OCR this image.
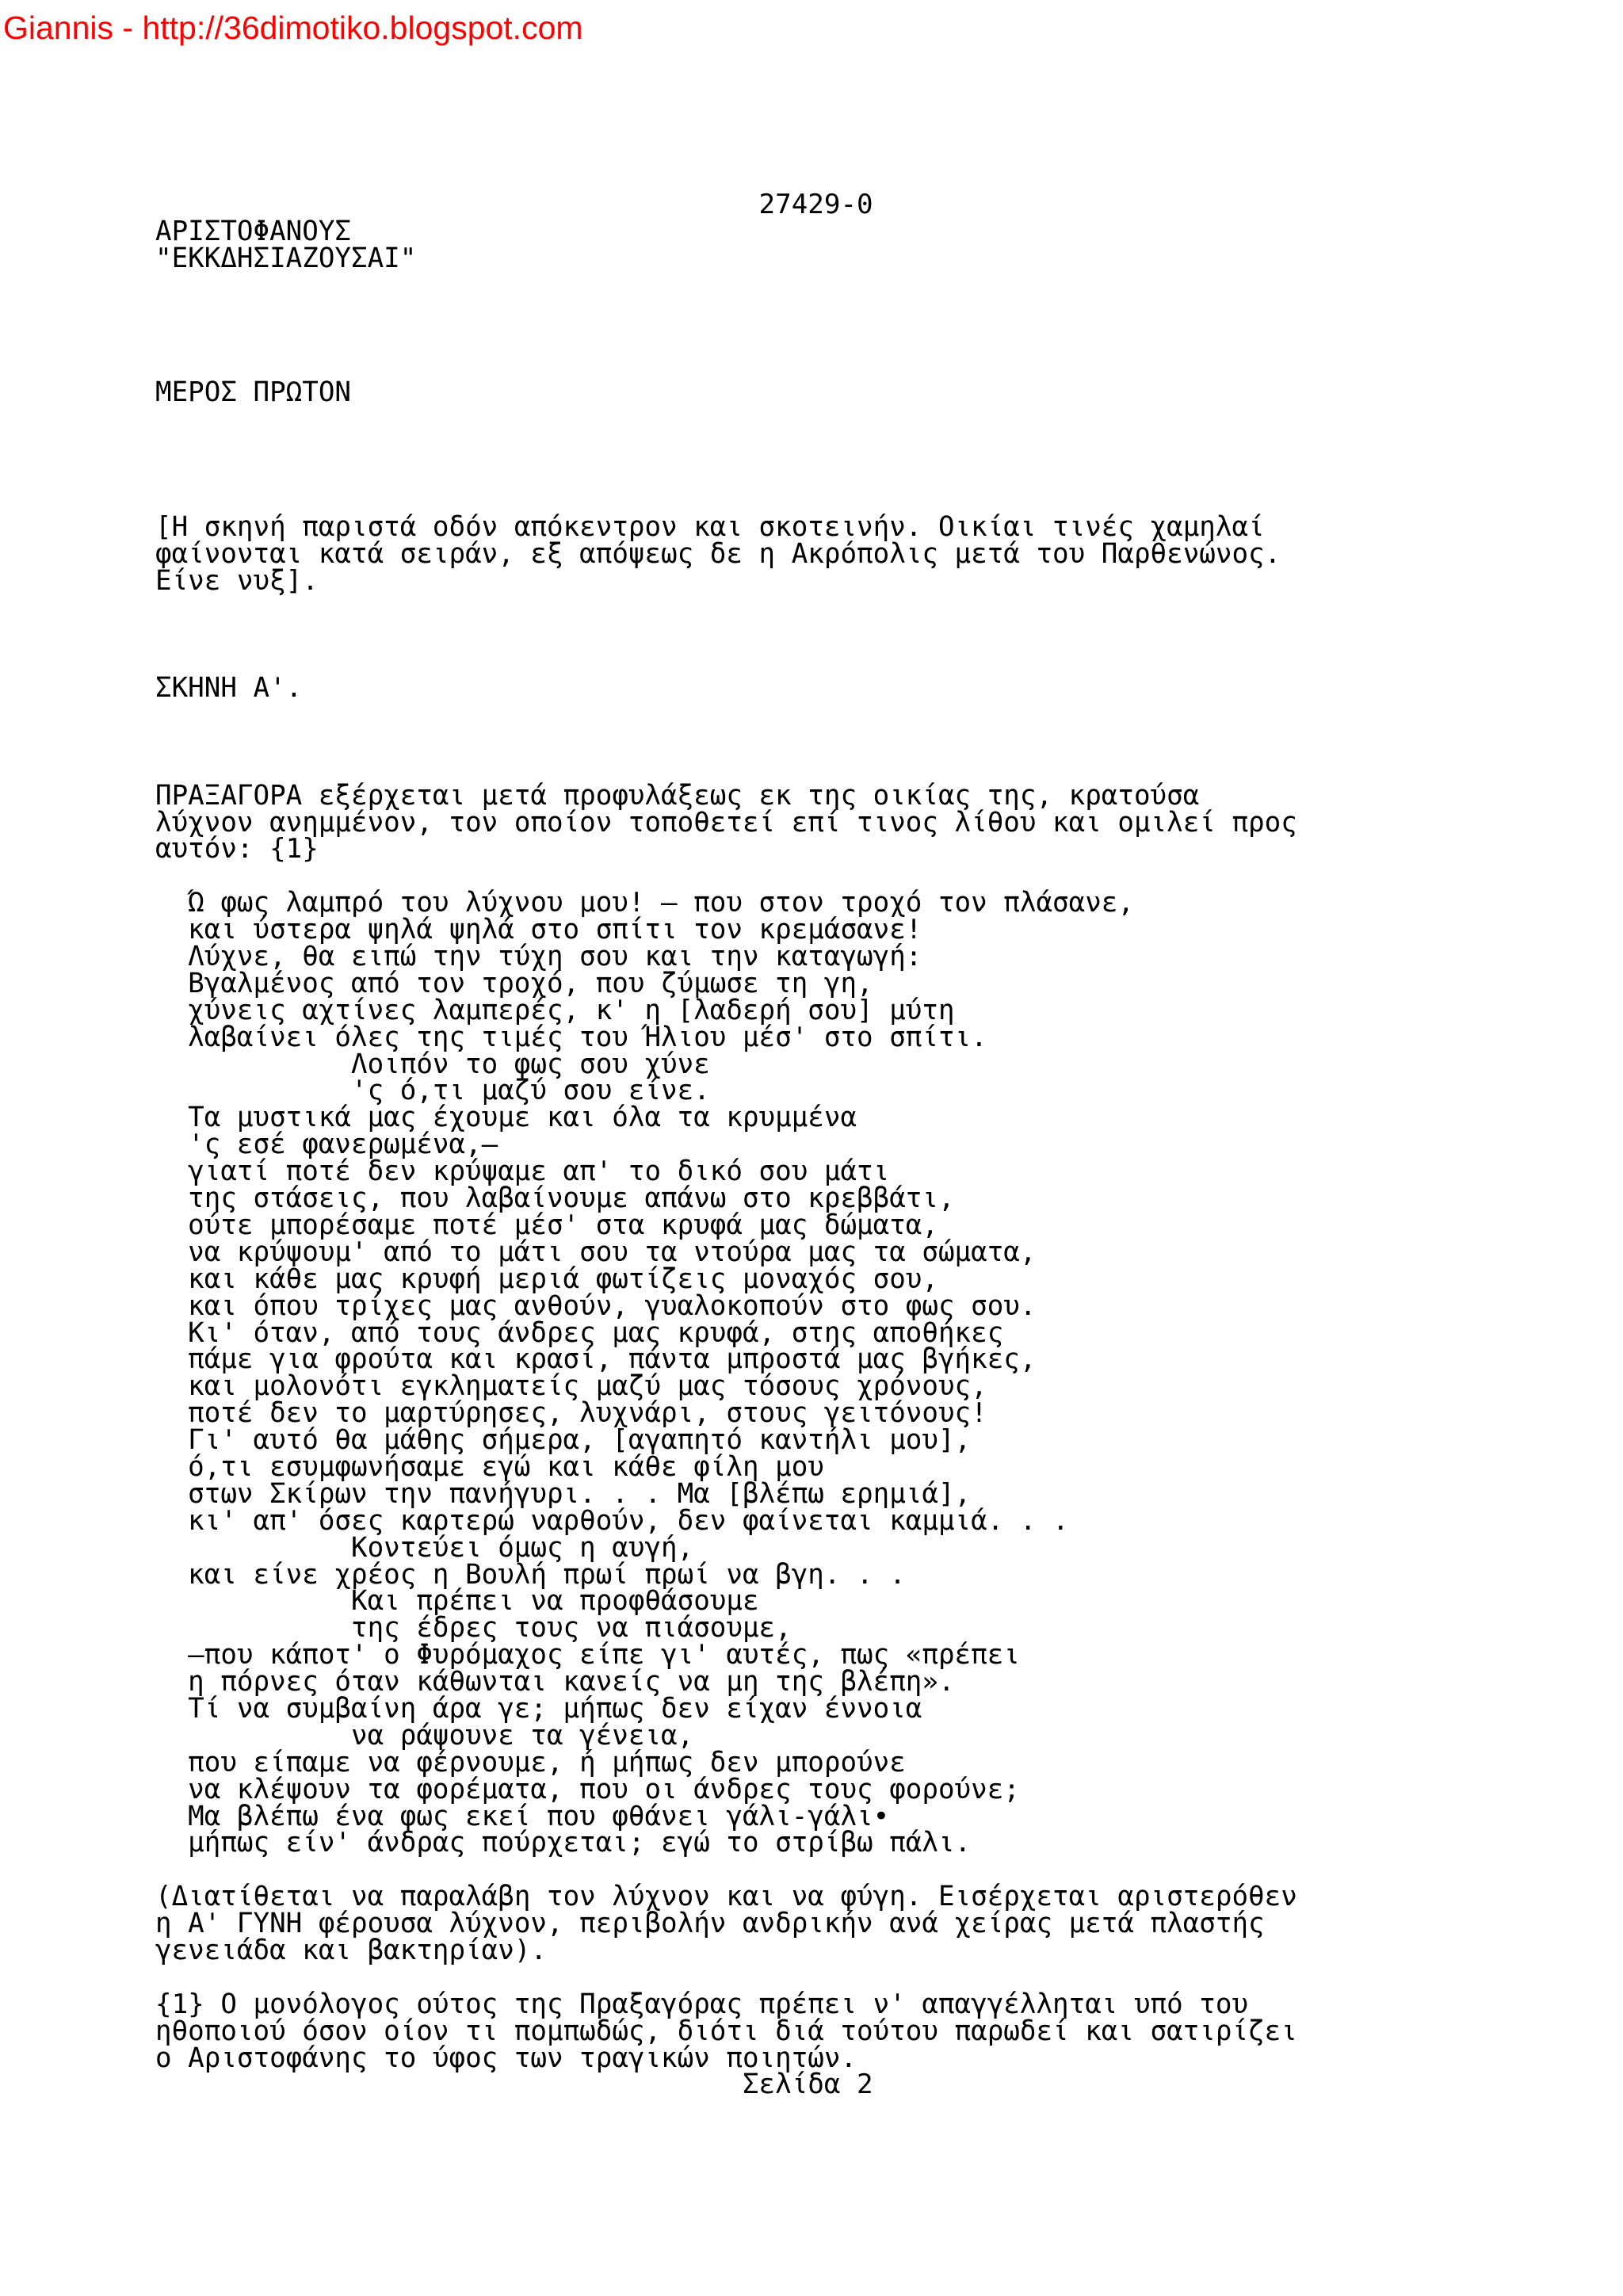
Giannis - http://36dimotiko.blogspot.com
27429-0
ΑΡΙΣΤΟΦΑΝΟΥΣ
"ΕΚΚΔΗΣΙΑΖΟΥΣΑΙ"
ΜΕΡΟΣ ΠΡΩΤΟΝ
[Η σκηνή παριστά οδόν απόκεντρον και σκοτεινήν. Οικίαι τινές χαμηλαί
φαίνονται κατά σειράν, εξ απόψεως δε η Ακρόπολις μετά του Παρθενώνος.
Είνε νυξ].
ΣΚΗΝΗ Α'.
ΠΡΑΞΑΓΟΡΑ εξέρχεται μετά προφυλάξεως εκ της οικίας της, κρατούσα
λύχνον ανημμένον, τον οποίον τοποθετεί επί τινος λίθου και ομιλεί προς
αυτόν: {1}
Ώ φως λαμπρό του λύχνου μου! — που στον τροχό τον πλάσανε,
και ύστερα ψηλά ψηλά στο σπίτι τον κρεμάσανε!
Λύχνε, θα ειπώ την τύχη σου και την καταγωγή:
Βγαλμένος από τον τροχό, που ζύμωσε τη γη,
χύνεις αχτίνες λαμπερές, κ' η [λαδερή σου] μύτη
λαβαίνει όλες της τιμές του Ήλιου μέσ' στο σπίτι.
Λοιπόν το φως σου χύνε
'ς ό,τι μαζύ σου είνε.
Τα μυστικά μας έχουμε και όλα τα κρυμμένα
'ς εσέ φανερωμένα,—
γιατί ποτέ δεν κρύψαμε απ' το δικό σου μάτι
της στάσεις, που λαβαίνουμε απάνω στο κρεββάτι,
ούτε μπορέσαμε ποτέ μέσ' στα κρυφά μας δώματα,
να κρύψουμ' από το μάτι σου τα ντούρα μας τα σώματα,
και κάθε μας κρυφή μεριά φωτίζεις μοναχός σου,
και όπου τρίχες μας ανθούν, γυαλοκοπούν στο φως σου.
Κι' όταν, από τους άνδρες μας κρυφά, στης αποθήκες
πάμε για φρούτα και κρασί, πάντα μπροστά μας βγήκες,
και μολονότι εγκληματείς μαζύ μας τόσους χρόνους,
ποτέ δεν το μαρτύρησες, λυχνάρι, στους γειτόνους!
Γι' αυτό θα μάθης σήμερα, [αγαπητό καντήλι μου],
ό,τι εσυμφωνήσαμε εγώ και κάθε φίλη μου
στων Σκίρων την πανήγυρι. . . Μα [βλέπω ερημιά],
κι' απ' όσες καρτερώ ναρθούν, δεν φαίνεται καμμιά. . .
Κοντεύει όμως η αυγή,
και είνε χρέος η Βουλή πρωί πρωί να βγη. . .
Και πρέπει να προφθάσουμε
της έδρες τους να πιάσουμε,
—που κάποτ' ο Φυρόμαχος είπε γι' αυτές, πως «πρέπει
η πόρνες όταν κάθωνται κανείς να μη της βλέπη».
Τί να συμβαίνη άρα γε; μήπως δεν είχαν έννοια
να ράψουνε τα γένεια,
που είπαμε να φέρνουμε, ή μήπως δεν μπορούνε
να κλέψουν τα φορέματα, που οι άνδρες τους φορούνε;
Μα βλέπω ένα φως εκεί που φθάνει γάλι-γάλι•
μήπως είν' άνδρας πούρχεται; εγώ το στρίβω πάλι.
(Διατίθεται να παραλάβη τον λύχνον και να φύγη. Εισέρχεται αριστερόθεν
η Α' ΓΥΝΗ φέρουσα λύχνον, περιβολήν ανδρικήν ανά χείρας μετά πλαστής
γενειάδα και βακτηρίαν).
{1} Ο μονόλογος ούτος της Πραξαγόρας πρέπει ν' απαγγέλληται υπό του
ηθοποιού όσον οίον τι πομπωδώς, διότι διά τούτου παρωδεί και σατιρίζει
ο Αριστοφάνης το ύφος των τραγικών ποιητών.
Σελίδα 2
